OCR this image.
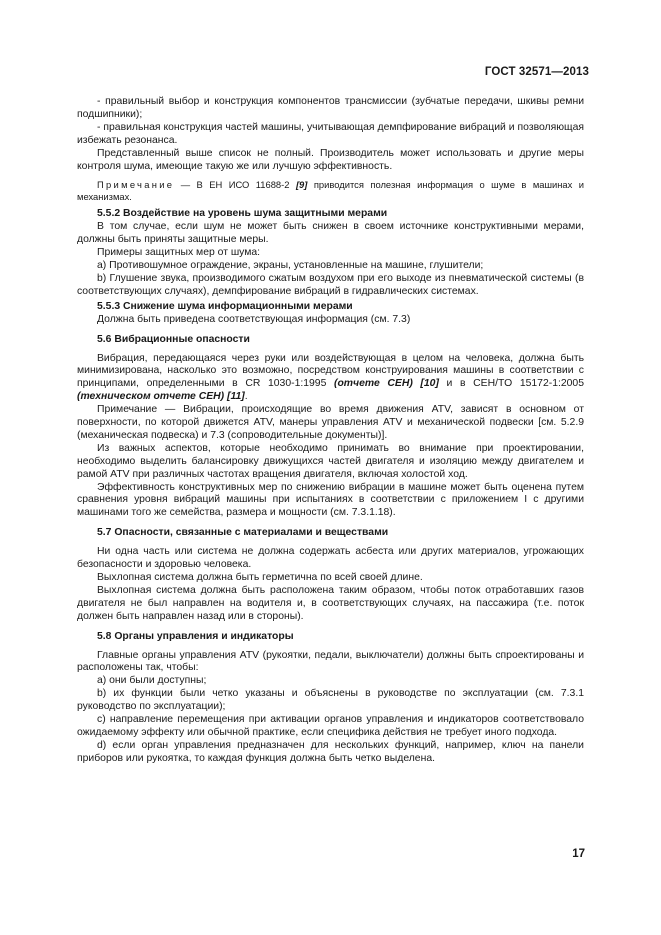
ГОСТ 32571—2013

- правильный выбор и конструкция компонентов трансмиссии (зубчатые передачи, шкивы ремни подшипники);

- правильная конструкция частей машины, учитывающая демпфирование вибраций и позволяющая избежать резонанса.

Представленный выше список не полный. Производитель может использовать и другие меры контроля шума, имеющие такую же или лучшую эффективность.

Примечание — В ЕН ИСО 11688-2 [9] приводится полезная информация о шуме в машинах и механизмах.

5.5.2 Воздействие на уровень шума защитными мерами

В том случае, если шум не может быть снижен в своем источнике конструктивными мерами, должны быть приняты защитные меры.

Примеры защитных мер от шума:

а) Противошумное ограждение, экраны, установленные на машине, глушители;

b) Глушение звука, производимого сжатым воздухом при его выходе из пневматической системы (в соответствующих случаях), демпфирование вибраций в гидравлических системах.

5.5.3 Снижение шума информационными мерами

Должна быть приведена соответствующая информация (см. 7.3)

5.6 Вибрационные опасности

Вибрация, передающаяся через руки или воздействующая в целом на человека, должна быть минимизирована, насколько это возможно, посредством конструирования машины в соответствии с принципами, определенными в CR 1030-1:1995 (отчете СЕН) [10] и в CEH/TO 15172-1:2005 (техническом отчете СЕН) [11].

Примечание — Вибрации, происходящие во время движения ATV, зависят в основном от поверхности, по которой движется ATV, манеры управления ATV и механической подвески [см. 5.2.9 (механическая подвеска) и 7.3 (сопроводительные документы)].

Из важных аспектов, которые необходимо принимать во внимание при проектировании, необходимо выделить балансировку движущихся частей двигателя и изоляцию между двигателем и рамой ATV при различных частотах вращения двигателя, включая холостой ход.

Эффективность конструктивных мер по снижению вибрации в машине может быть оценена путем сравнения уровня вибраций машины при испытаниях в соответствии с приложением I с другими машинами того же семейства, размера и мощности (см. 7.3.1.18).

5.7 Опасности, связанные с материалами и веществами

Ни одна часть или система не должна содержать асбеста или других материалов, угрожающих безопасности и здоровью человека.

Выхлопная система должна быть герметична по всей своей длине.

Выхлопная система должна быть расположена таким образом, чтобы поток отработавших газов двигателя не был направлен на водителя и, в соответствующих случаях, на пассажира (т.е. поток должен быть направлен назад или в стороны).

5.8 Органы управления и индикаторы

Главные органы управления ATV (рукоятки, педали, выключатели) должны быть спроектированы и расположены так, чтобы:

а) они были доступны;

b) их функции были четко указаны и объяснены в руководстве по эксплуатации (см. 7.3.1 руководство по эксплуатации);

c) направление перемещения при активации органов управления и индикаторов соответствовало ожидаемому эффекту или обычной практике, если специфика действия не требует иного подхода.

d) если орган управления предназначен для нескольких функций, например, ключ на панели приборов или рукоятка, то каждая функция должна быть четко выделена.

17
